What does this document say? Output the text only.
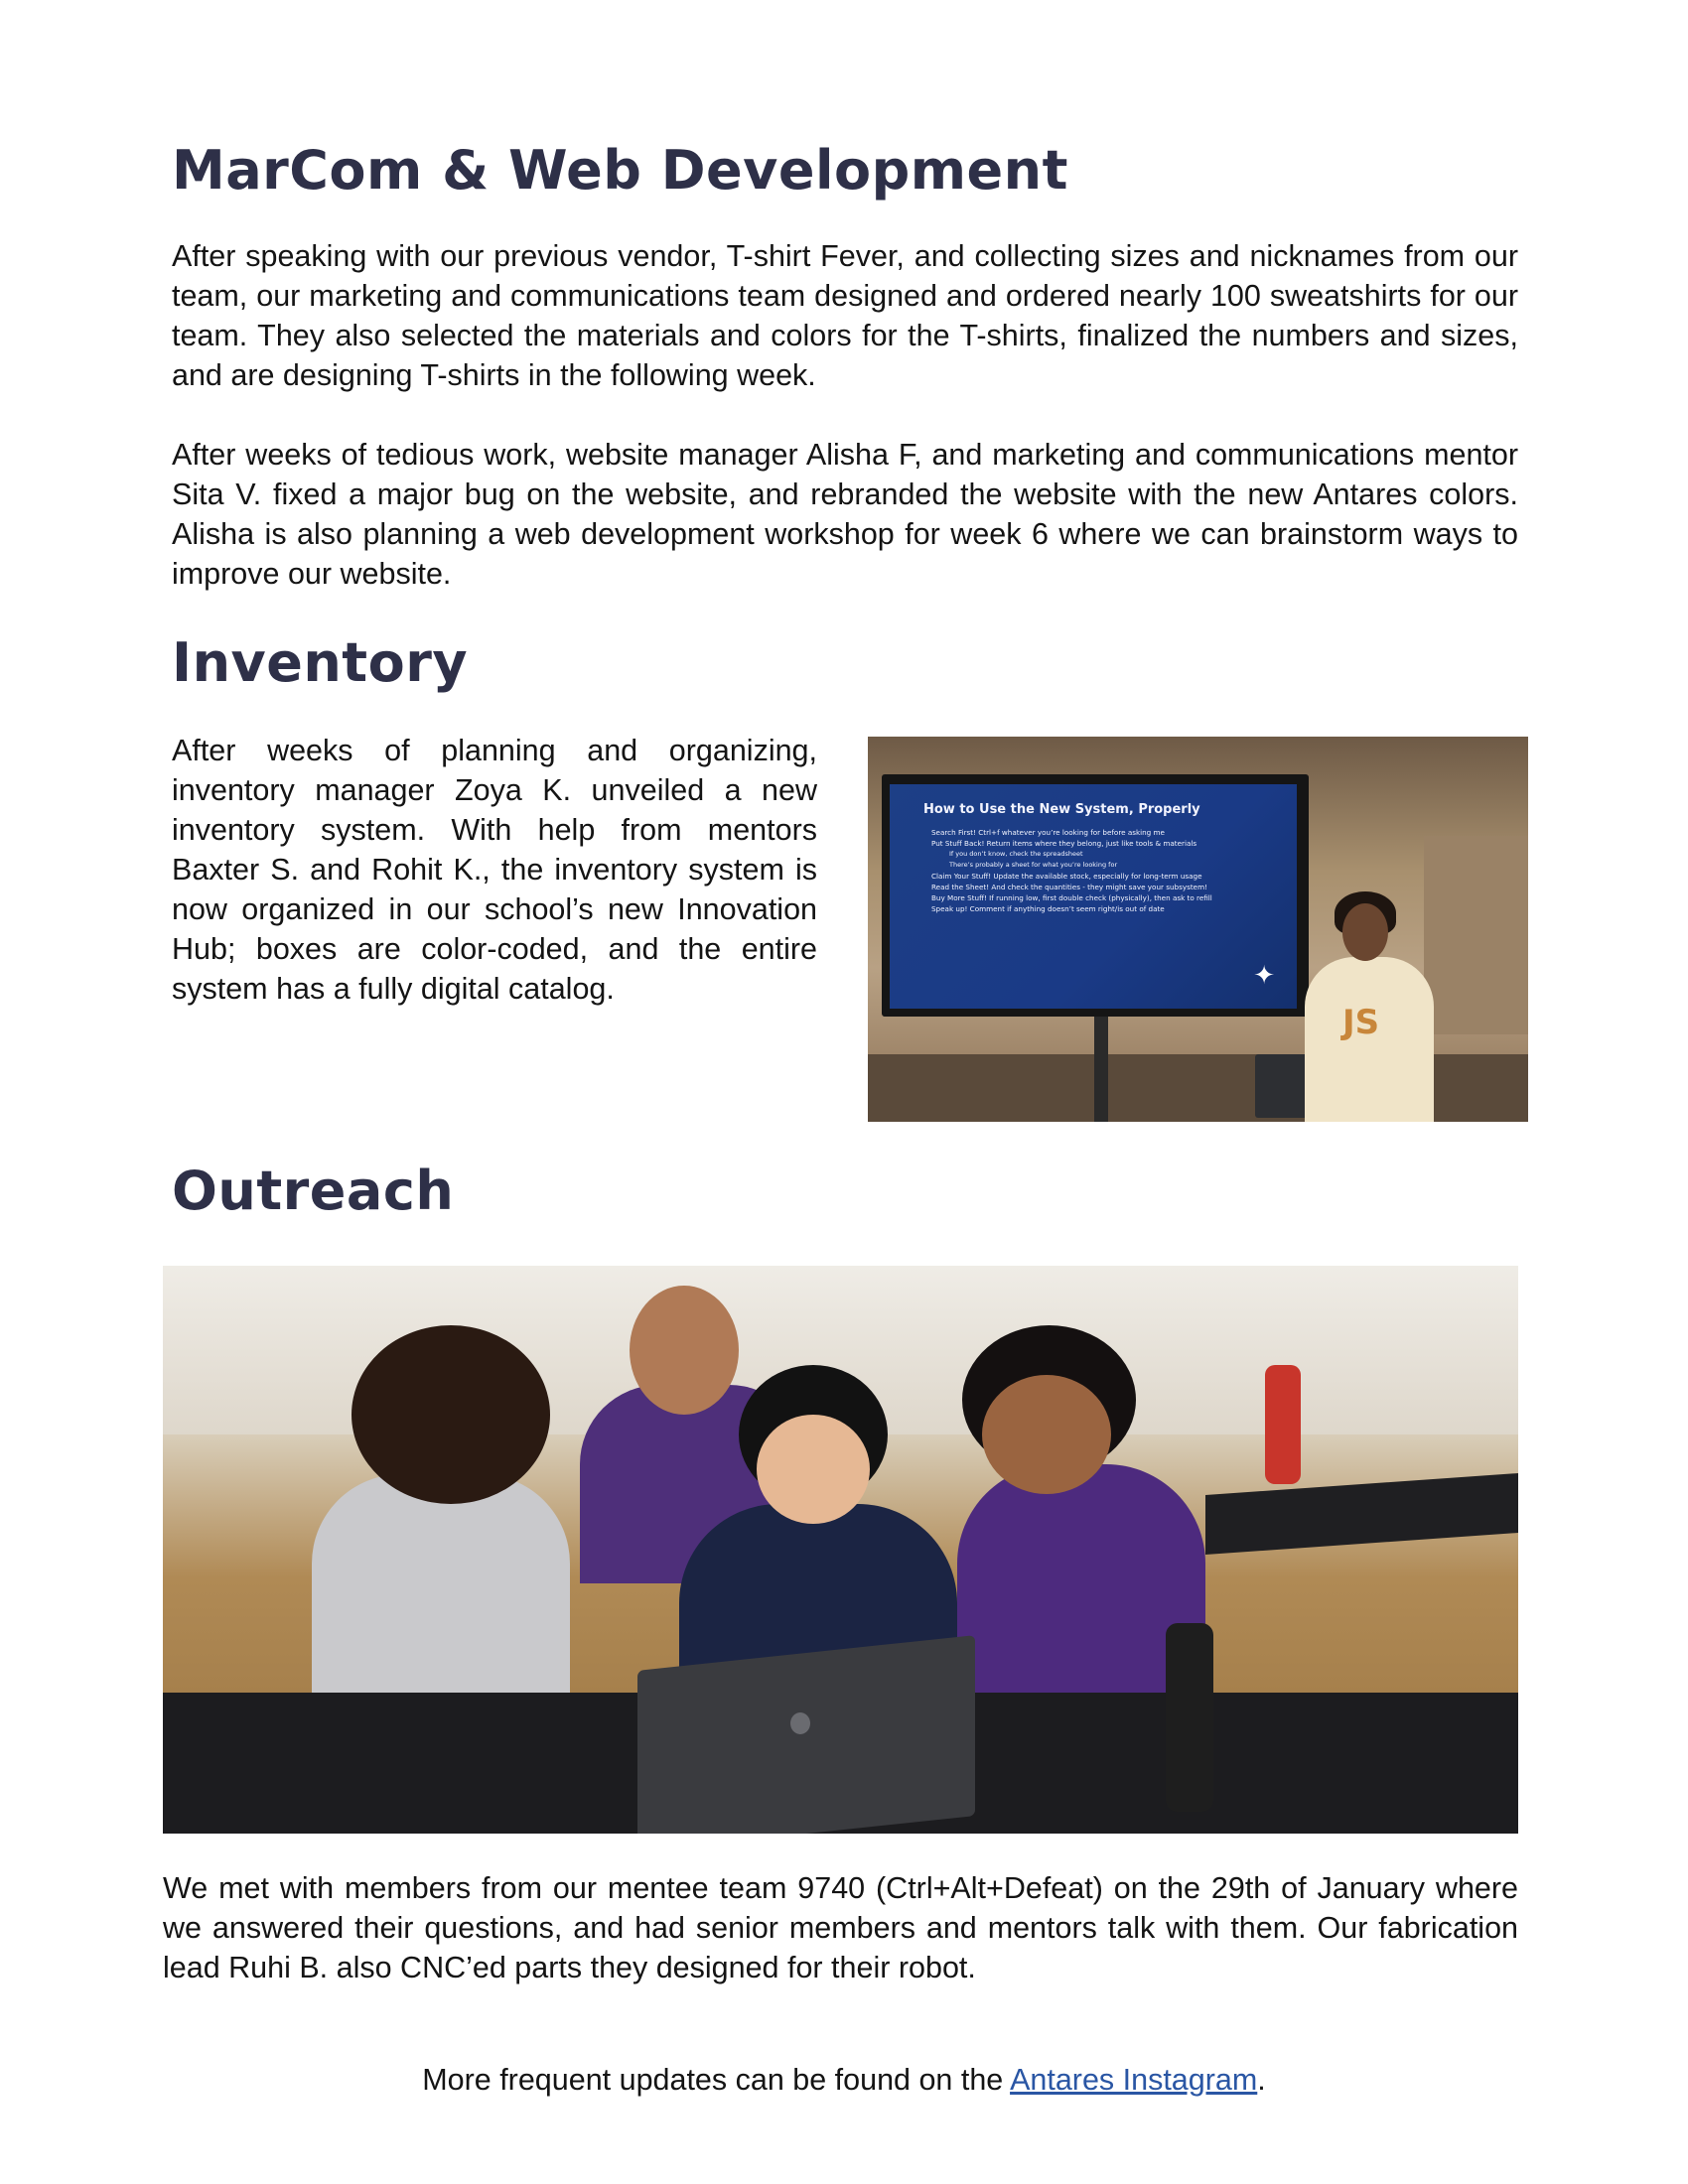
MarCom & Web Development

After speaking with our previous vendor, T-shirt Fever, and collecting sizes and nicknames from our team, our marketing and communications team designed and ordered nearly 100 sweatshirts for our team. They also selected the materials and colors for the T-shirts, finalized the numbers and sizes, and are designing T-shirts in the following week.

After weeks of tedious work, website manager Alisha F, and marketing and communications mentor Sita V. fixed a major bug on the website, and rebranded the website with the new Antares colors. Alisha is also planning a web development workshop for week 6 where we can brainstorm ways to improve our website.

Inventory

After weeks of planning and organizing, inventory manager Zoya K. unveiled a new inventory system. With help from mentors Baxter S. and Rohit K., the inventory system is now organized in our school’s new Innovation Hub; boxes are color-coded, and the entire system has a fully digital catalog.

How to Use the New System, Properly
Search First! Ctrl+f whatever you’re looking for before asking me
Put Stuff Back! Return items where they belong, just like tools & materials
If you don’t know, check the spreadsheet
There’s probably a sheet for what you’re looking for
Claim Your Stuff! Update the available stock, especially for long-term usage
Read the Sheet! And check the quantities - they might save your subsystem!
Buy More Stuff! If running low, first double check (physically), then ask to refill
Speak up! Comment if anything doesn’t seem right/is out of date
✦
JS
Outreach

We met with members from our mentee team 9740 (Ctrl+Alt+Defeat) on the 29th of January where we answered their questions, and had senior members and mentors talk with them. Our fabrication lead Ruhi B. also CNC’ed parts they designed for their robot.

More frequent updates can be found on the Antares Instagram.
